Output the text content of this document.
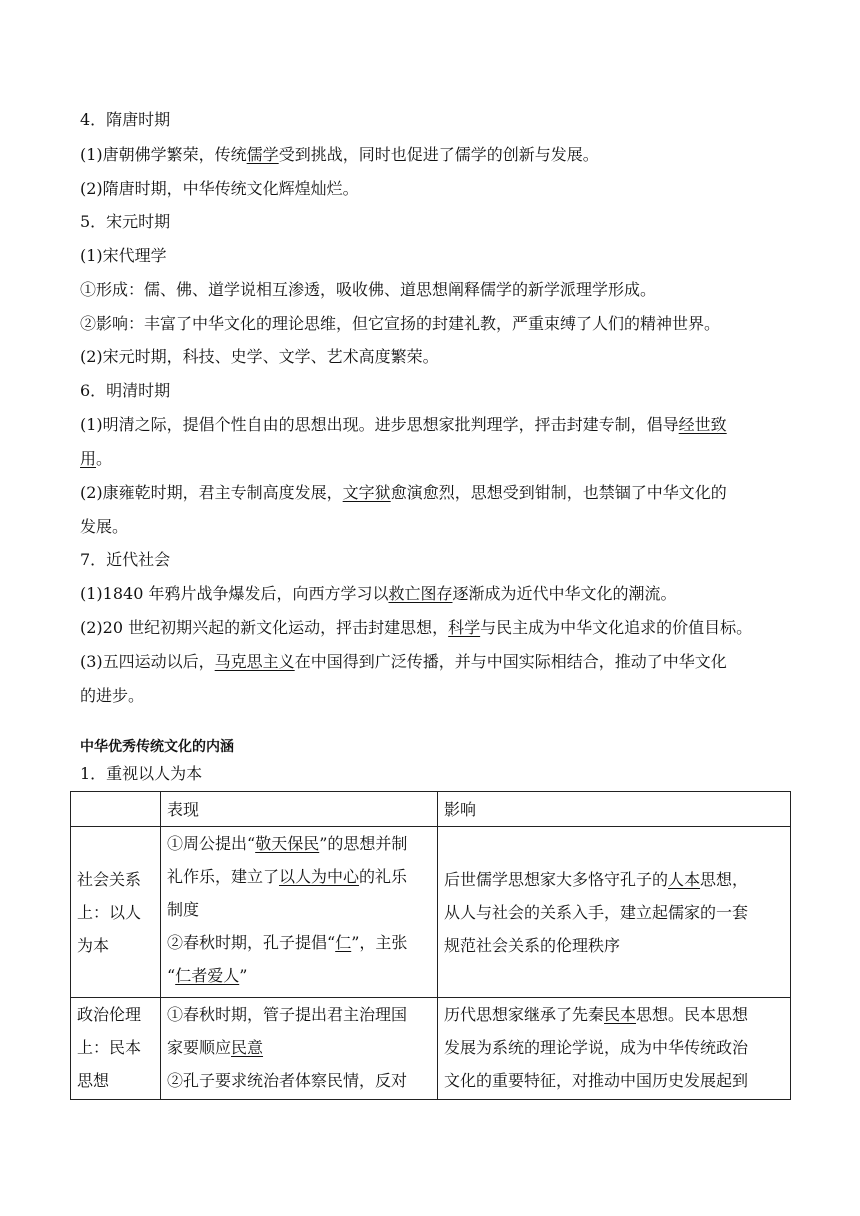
4．隋唐时期
(1)唐朝佛学繁荣，传统儒学受到挑战，同时也促进了儒学的创新与发展。
(2)隋唐时期，中华传统文化辉煌灿烂。
5．宋元时期
(1)宋代理学
①形成：儒、佛、道学说相互渗透，吸收佛、道思想阐释儒学的新学派理学形成。
②影响：丰富了中华文化的理论思维，但它宣扬的封建礼教，严重束缚了人们的精神世界。
(2)宋元时期，科技、史学、文学、艺术高度繁荣。
6．明清时期
(1)明清之际，提倡个性自由的思想出现。进步思想家批判理学，抨击封建专制，倡导经世致
用。
(2)康雍乾时期，君主专制高度发展，文字狱愈演愈烈，思想受到钳制，也禁锢了中华文化的
发展。
7．近代社会
(1)1840 年鸦片战争爆发后，向西方学习以救亡图存逐渐成为近代中华文化的潮流。
(2)20 世纪初期兴起的新文化运动，抨击封建思想，科学与民主成为中华文化追求的价值目标。
(3)五四运动以后，马克思主义在中国得到广泛传播，并与中国实际相结合，推动了中华文化
的进步。
中华优秀传统文化的内涵
1．重视以人为本
	表现	影响

社会关系
上：以人
为本	①周公提出“敬天保民”的思想并制
礼作乐，建立了以人为中心的礼乐
制度
②春秋时期，孔子提倡“仁”，主张
“仁者爱人”	后世儒学思想家大多恪守孔子的人本思想，
从人与社会的关系入手，建立起儒家的一套
规范社会关系的伦理秩序

政治伦理
上：民本
思想	①春秋时期，管子提出君主治理国
家要顺应民意
②孔子要求统治者体察民情，反对	历代思想家继承了先秦民本思想。民本思想
发展为系统的理论学说，成为中华传统政治
文化的重要特征，对推动中国历史发展起到
